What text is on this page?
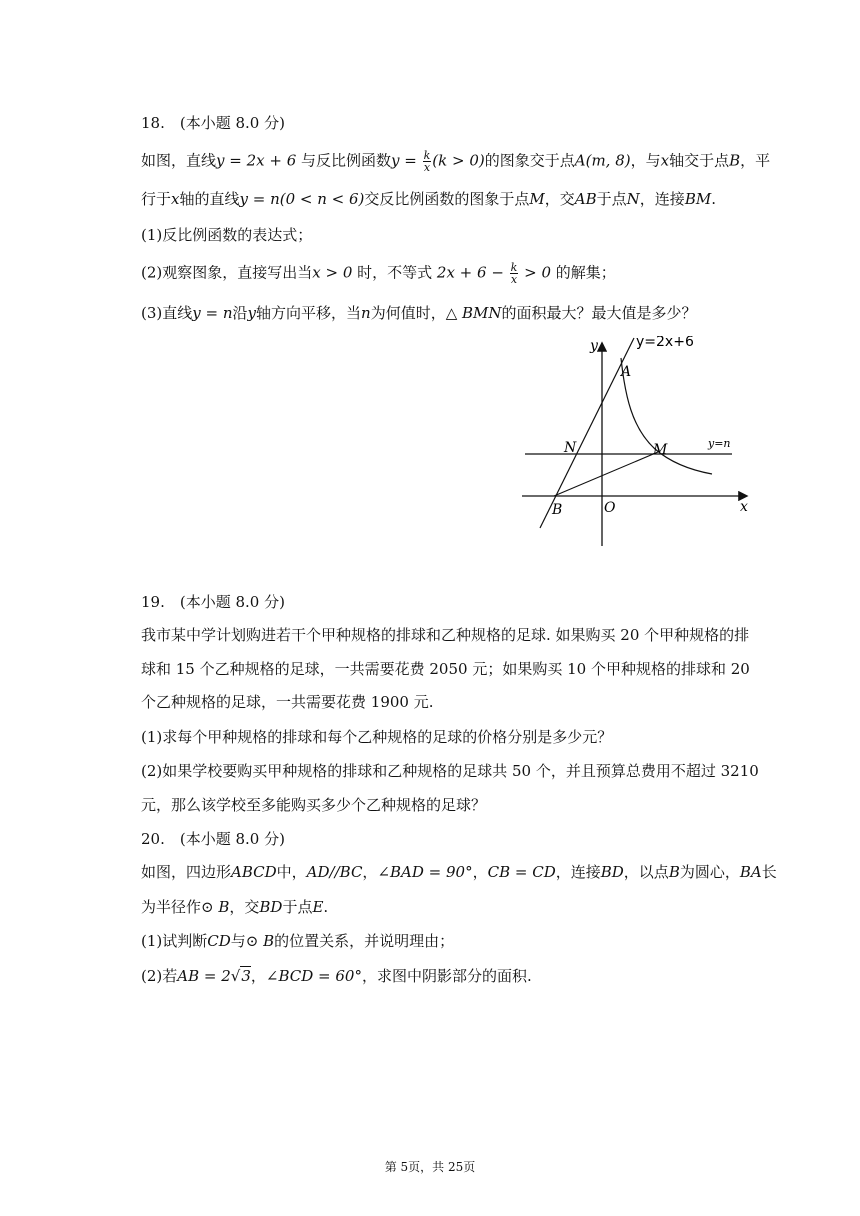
18.　(本小题 8.0 分)
如图，直线y = 2x + 6 与反比例函数$y = \frac{k}{x} (k > 0)$的图象交于点A(m, 8)，与x轴交于点B，平
行于x轴的直线y = n(0 < n < 6)交反比例函数的图象于点M，交AB于点N，连接BM.
(1)反比例函数的表达式；
(2)观察图象，直接写出当x > 0 时，不等式 $2x + 6 - \frac{k}{x} > 0$ 的解集；
(3)直线y = n沿y轴方向平移，当n为何值时，△ BMN的面积最大？最大值是多少？
y	y=2x+6
A
N	M	y=n
B	O	x
19.　(本小题 8.0 分)
我市某中学计划购进若干个甲种规格的排球和乙种规格的足球. 如果购买 20 个甲种规格的排
球和 15 个乙种规格的足球，一共需要花费 2050 元；如果购买 10 个甲种规格的排球和 20
个乙种规格的足球，一共需要花费 1900 元.
(1)求每个甲种规格的排球和每个乙种规格的足球的价格分别是多少元？
(2)如果学校要购买甲种规格的排球和乙种规格的足球共 50 个，并且预算总费用不超过 3210
元，那么该学校至多能购买多少个乙种规格的足球？
20.　(本小题 8.0 分)
如图，四边形ABCD中，AD//BC，∠BAD = 90°，CB = CD，连接BD，以点B为圆心，BA长
为半径作⊙ B，交BD于点E.
(1)试判断CD与⊙ B的位置关系，并说明理由；
(2)若AB = 2√3，∠BCD = 60°，求图中阴影部分的面积.
第 5页，共 25页
